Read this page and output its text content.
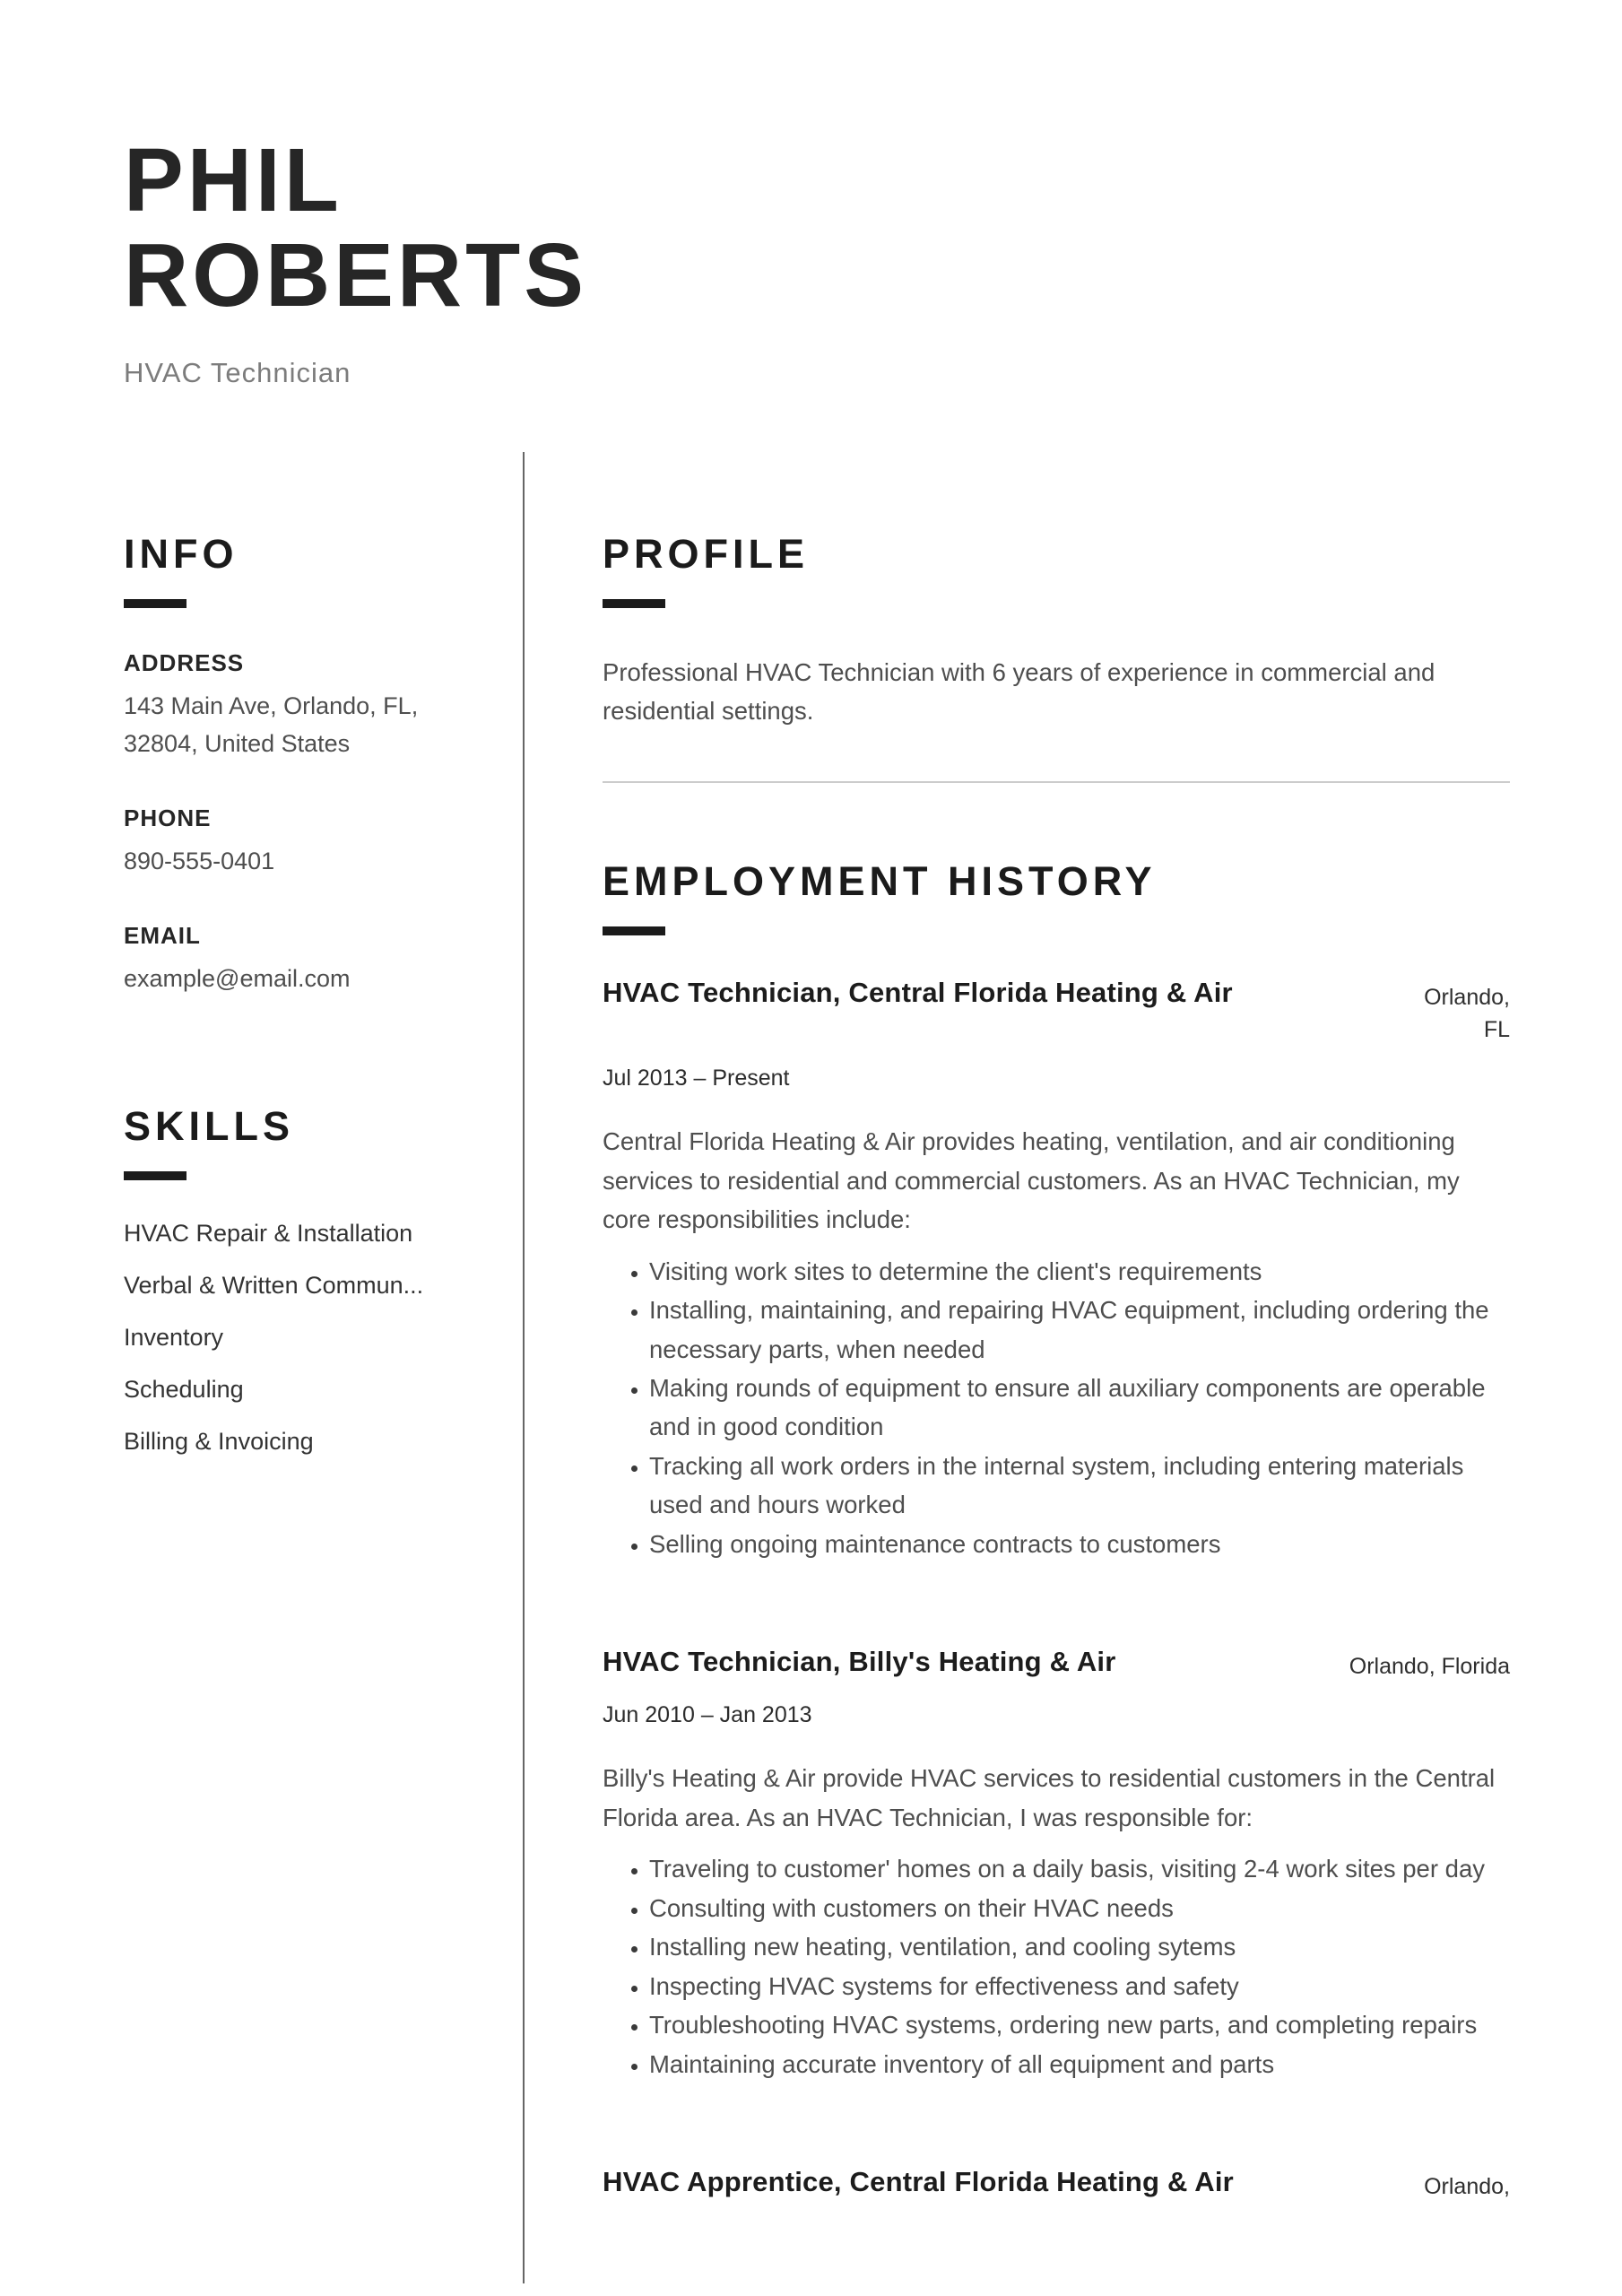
PHIL
ROBERTS
HVAC Technician
INFO
ADDRESS
143 Main Ave, Orlando, FL, 32804, United States
PHONE
890-555-0401
EMAIL
example@email.com
SKILLS
HVAC Repair & Installation
Verbal & Written Commun...
Inventory
Scheduling
Billing & Invoicing
PROFILE

Professional HVAC Technician with 6 years of experience in commercial and residential settings.

EMPLOYMENT HISTORY
HVAC Technician, Central Florida Heating & Air	Orlando, FL
Jul 2013 – Present

Central Florida Heating & Air provides heating, ventilation, and air conditioning services to residential and commercial customers. As an HVAC Technician, my core responsibilities include:

• Visiting work sites to determine the client's requirements
• Installing, maintaining, and repairing HVAC equipment, including ordering the necessary parts, when needed
• Making rounds of equipment to ensure all auxiliary components are operable and in good condition
• Tracking all work orders in the internal system, including entering materials used and hours worked
• Selling ongoing maintenance contracts to customers
HVAC Technician, Billy's Heating & Air	Orlando, Florida
Jun 2010 – Jan 2013

Billy's Heating & Air provide HVAC services to residential customers in the Central Florida area. As an HVAC Technician, I was responsible for:

• Traveling to customer' homes on a daily basis, visiting 2-4 work sites per day
• Consulting with customers on their HVAC needs
• Installing new heating, ventilation, and cooling sytems
• Inspecting HVAC systems for effectiveness and safety
• Troubleshooting HVAC systems, ordering new parts, and completing repairs
• Maintaining accurate inventory of all equipment and parts
HVAC Apprentice, Central Florida Heating & Air	Orlando,
